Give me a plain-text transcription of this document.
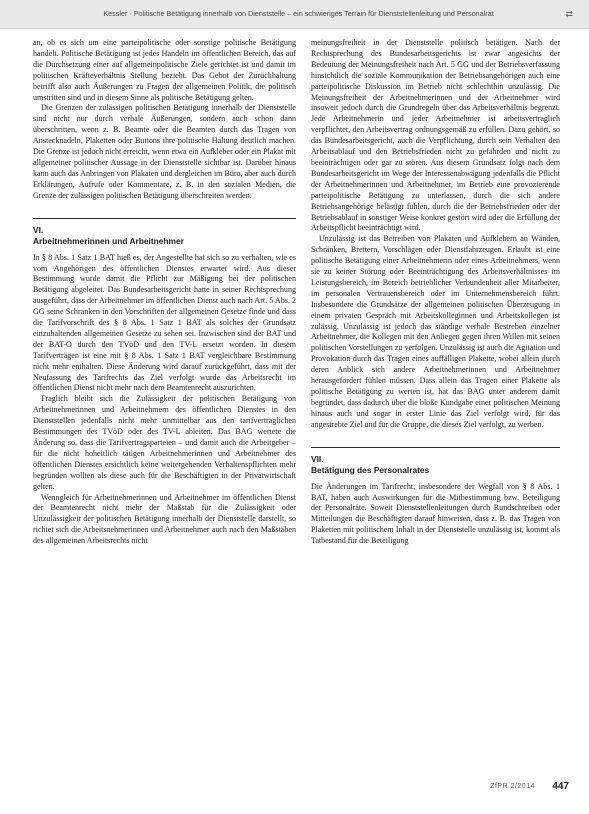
Kessler · Politische Betätigung innerhalb von Dienststelle – ein schwieriges Terrain für Dienststellenleitung und Personalrat	⇄

an, ob es sich um eine parteipolitische oder sonstige politische Betätigung handelt. Politische Betätigung ist jedes Handeln im öffentlichen Bereich, das auf die Durchsetzung einer auf allgemeinpolitische Ziele gerichtet ist und damit im politischen Kräfteverhältnis Stellung bezieht. Das Gebot der Zurückhaltung betrifft also auch Äußerungen zu Fragen der allgemeinen Politik, die politisch umstritten sind und in diesem Sinne als politische Betätigung gelten.

Die Grenzen der zulässigen politischen Betätigung innerhalb der Dienststelle sind nicht nur durch verbale Äußerungen, sondern auch schon dann überschritten, wenn z. B. Beamte oder die Beamten durch das Tragen von Anstecknadeln, Plaketten oder Buttons ihre politische Haltung deutlich machen. Die Grenze ist jedoch nicht erreicht, wenn etwa ein Aufkleber oder ein Plakat mit allgemeiner politischer Aussage in der Dienststelle sichtbar ist. Darüber hinaus kann auch das Anbringen von Plakaten und dergleichen im Büro, aber auch durch Erklärungen, Aufrufe oder Kommentare, z. B. in den sozialen Medien, die Grenze der zulässigen politischen Betätigung überschreiten werden.

VI.
Arbeitnehmerinnen und Arbeitnehmer

In § 8 Abs. 1 Satz 1 BAT hieß es, der Angestellte hat sich so zu verhalten, wie es vom Angehörigen des öffentlichen Dienstes erwartet wird. Aus dieser Bestimmung wurde damit die Pflicht zur Mäßigung bei der politischen Betätigung abgeleitet. Das Bundesarbeitsgericht hatte in seiner Rechtsprechung ausgeführt, dass der Arbeitnehmer im öffentlichen Dienst auch nach Art. 5 Abs. 2 GG seine Schranken in den Vorschriften der allgemeinen Gesetze finde und dass die Tarifvorschrift des § 8 Abs. 1 Satz 1 BAT als solches der Grundsatz einzuhaltenden allgemeinen Gesetze zu sehen sei. Inzwischen sind der BAT und der BAT-O durch den TVöD und den TV-L ersetzt worden. In diesem Tarifverträgen ist eine mit § 8 Abs. 1 Satz 1 BAT vergleichbare Bestimmung nicht mehr enthalten. Diese Änderung wird darauf zurückgeführt, dass mit der Neufassung des Tarifrechts das Ziel verfolgt wurde das Arbeitsrecht im öffentlichen Dienst nicht mehr nach dem Beamtenrecht auszurichten.

Fraglich bleibt sich die Zulässigkeit der politischen Betätigung von Arbeitnehmerinnen und Arbeitnehmern des öffentlichen Dienstes in den Dienststellen jedenfalls nicht mehr unmittelbar aus den tarifvertraglichen Bestimmungen des TVöD oder des TV-L ableiten. Das BAG wertete die Änderung so, dass die Tarifvertragsparteien – und damit auch die Arbeitgeber – für die nicht hoheitlich tätigen Arbeitnehmerinnen und Arbeitnehmer des öffentlichen Dienstes ersichtlich keine weitergehenden Verhaltenspflichten mehr begründen wollten als diese auch für die Beschäftigten in der Privatwirtschaft gelten.

Wenngleich für Arbeitnehmerinnen und Arbeitnehmer im öffentlichen Dienst der Beamtenrecht nicht mehr der Maßstab für die Zulässigkeit oder Unzulässigkeit der politischen Betätigung innerhalb der Dienststelle darstellt, so richtet sich die Arbeitsnehmerinnen und Arbeitnehmer auch nach den Maßstäben des allgemeinen Arbeitsrechts nicht

meinungsfreiheit in der Dienststelle politisch betätigen. Nach der Rechtsprechung des Bundesarbeitsgerichts ist zwar angesichts der Bedeutung der Meinungsfreiheit nach Art. 5 GG und der Betriebsverfassung hinsichtlich die soziale Kommunikation der Betriebsangehörigen auch eine parteipolitische Diskussion im Betrieb nicht schlechthin unzulässig. Die Meinungsfreiheit der Arbeitnehmerinnen und der Arbeitnehmer wird insoweit jedoch durch die Grundregeln über das Arbeitsverhältnis begrenzt. Jede Arbeitnehmerin und jeder Arbeitnehmer ist arbeitsvertraglich verpflichtet, den Arbeitsvertrag ordnungsgemäß zu erfüllen. Dazu gehört, so das Bundesarbeitsgericht, auch die Verpflichtung, durch sein Verhalten den Arbeitsablauf und den Betriebsfrieden nicht zu gefährden und nicht zu beeinträchtigen oder gar zu stören. Aus diesem Grundsatz folgt nach dem Bundesarbeitsgericht im Wege der Interessenabwägung jedenfalls die Pflicht der Arbeitnehmerinnen und Arbeitnehmer, im Betrieb eine provozierende parteipolitische Betätigung zu unterlassen, durch die sich andere Betriebsangehörige belästigt fühlen, durch die der Betriebsfrieden oder der Betriebsablauf in sonstiger Weise konkret gestört wird oder die Erfüllung der Arbeitspflicht beeinträchtigt wird.

Unzulässig ist das Betreiben von Plakaten und Aufklebern an Wänden, Schränken, Brettern, Vorschlägen oder Dienstfahrzeugen. Erlaubt ist eine politische Betätigung einer Arbeitnehmerin oder eines Arbeitnehmers, wenn sie zu keiner Störung oder Beeinträchtigung des Arbeitsverhältnisses im Leistungsbereich, im Bereich betrieblicher Verbundenheit aller Mitarbeiter, im personalen Vertrauensbereich oder im Unternehmensbereich führt. Insbesondere die Grundsätze der allgemeinen politischen Überzeugung in einem privaten Gespräch mit Arbeitskolleginnen und Arbeitskollegen ist zulässig. Unzulässig ist jedoch das ständige verbale Bestreben einzelner Arbeitnehmer, die Kollegen mit den Anliegen gegen ihren Willen mit seinen politischen Vorstellungen zu verfolgen. Unzulässig ist auch die Agitation und Provokation durch das Tragen eines auffälligen Plakette, wobei allein durch deren Anblick sich andere Arbeitnehmerinnen und Arbeitnehmer herausgefordert fühlen müssen. Dass allein das Tragen einer Plakette als politische Betätigung zu werten ist, hat das BAG unter anderem damit begründet, dass dadurch über die bloße Kundgabe einer politischen Meinung hinaus auch und sogar in erster Linie das Ziel verfolgt wird, für das angestrebte Ziel und für die Gruppe, die dieses Ziel verfolgt, zu werben.

VII.
Betätigung des Personalrates

Die Änderungen im Tarifrecht, insbesondere der Wegfall von § 8 Abs. 1 BAT, haben auch Auswirkungen für die Mitbestimmung bzw. Beteiligung der Personalräte. Soweit Dienststellenleitungen durch Rundschreiben oder Mitteilungen die Beschäftigten darauf hinweisen, dass z. B. das Tragen von Plaketten mit politischem Inhalt in der Dienststelle unzulässig ist, kommt als Tatbestand für die Beteiligung

ZfPR 2/2014 447
